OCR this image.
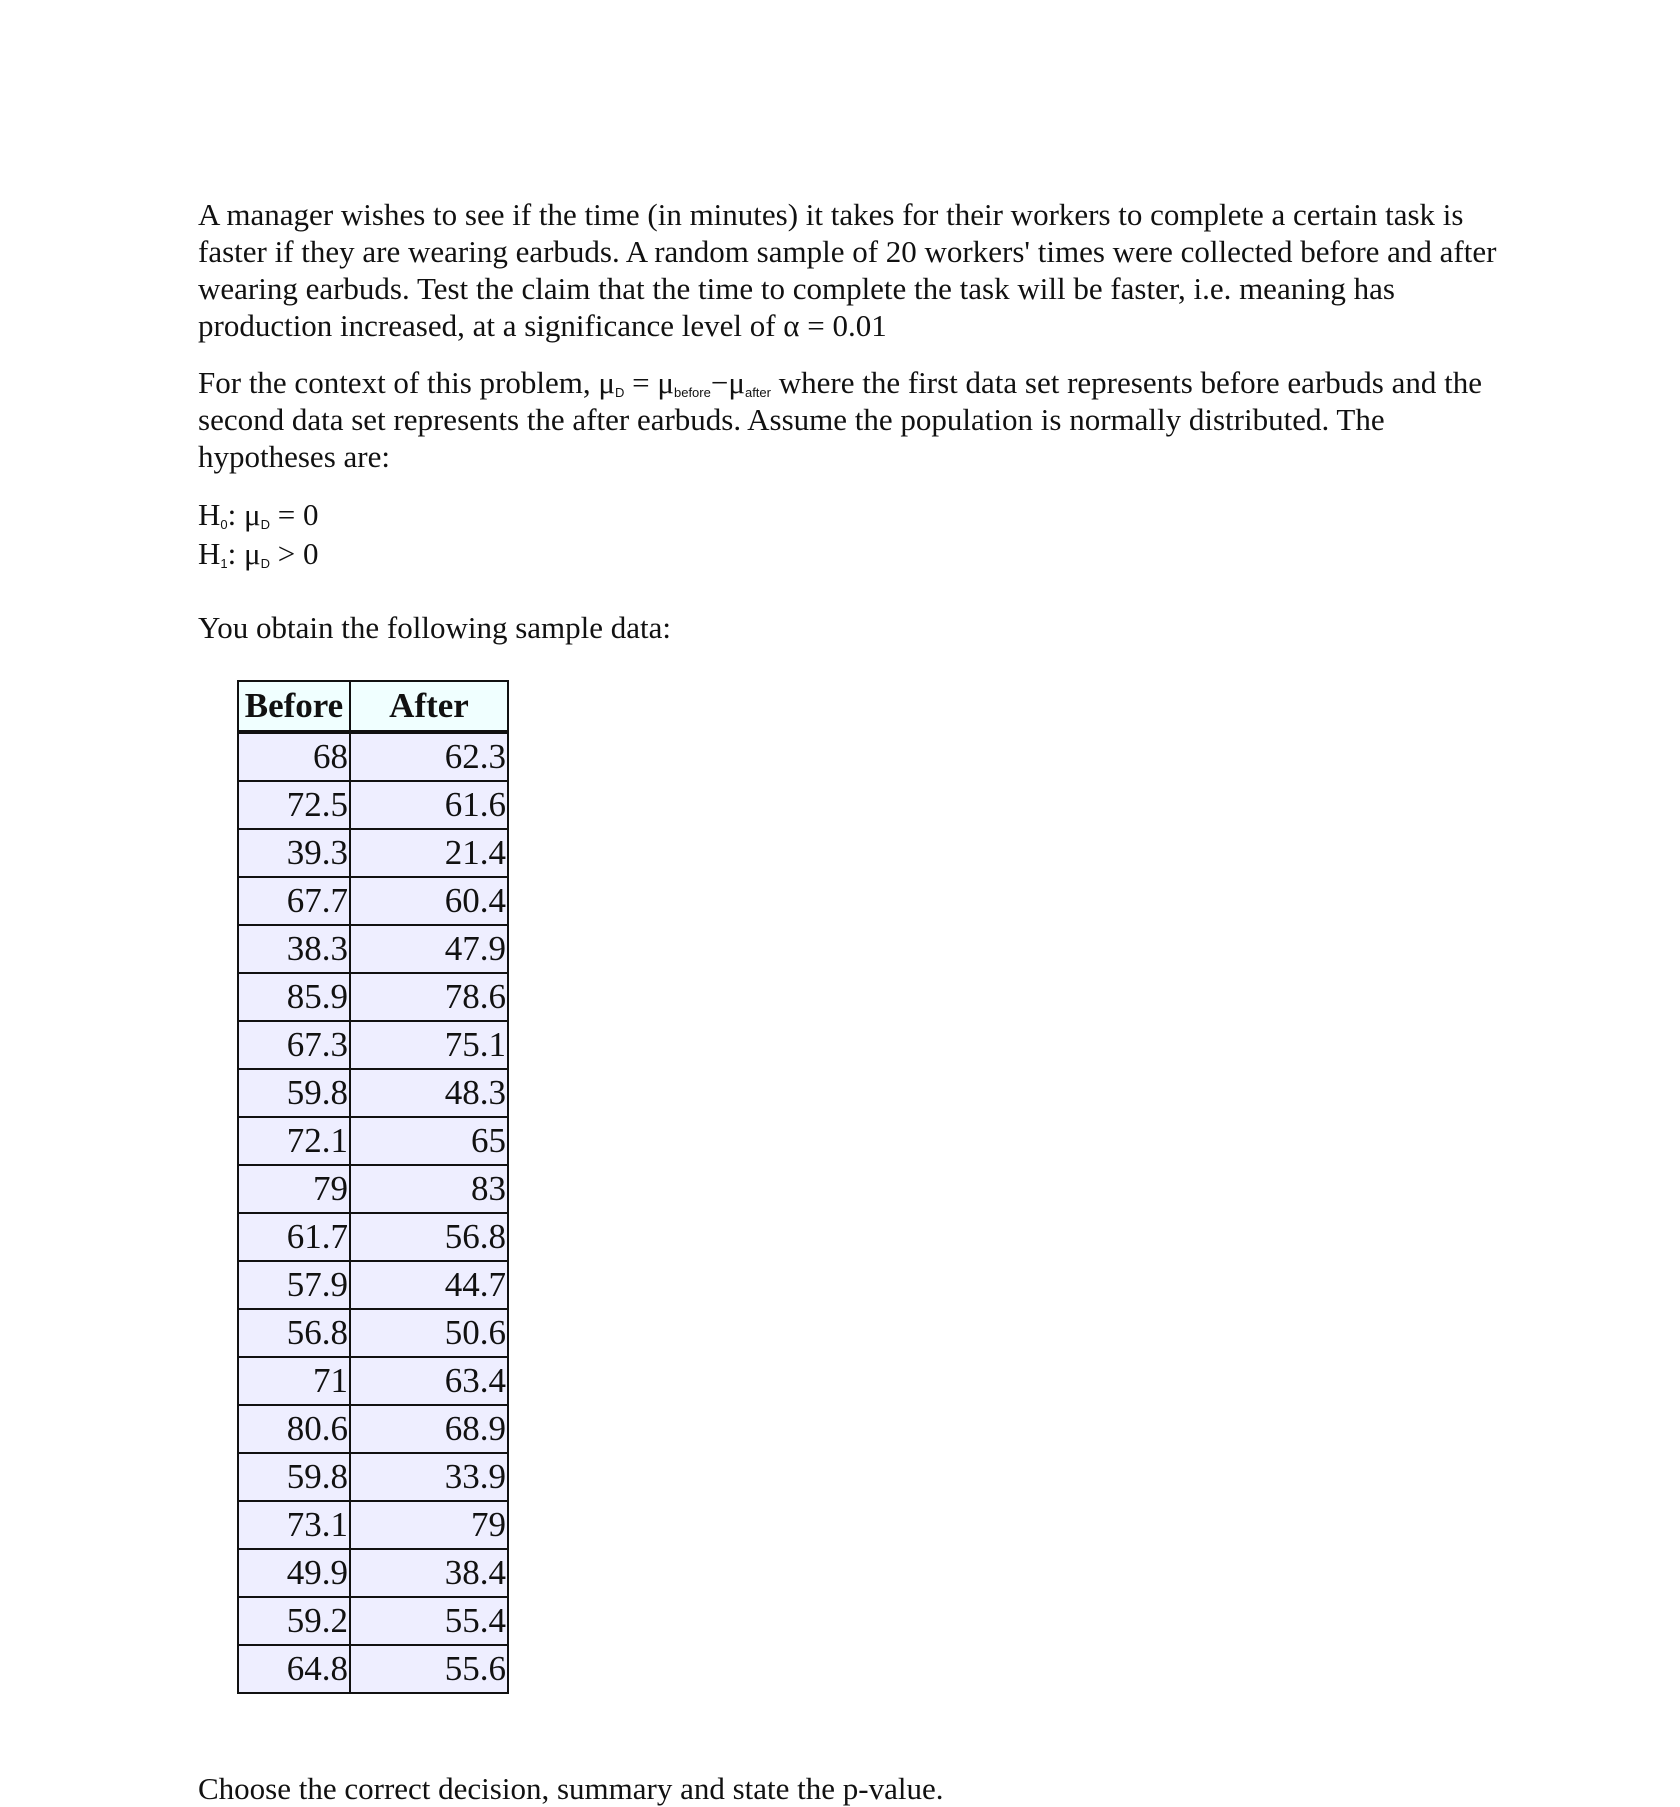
A manager wishes to see if the time (in minutes) it takes for their workers to complete a certain task is faster if they are wearing earbuds. A random sample of 20 workers' times were collected before and after wearing earbuds. Test the claim that the time to complete the task will be faster, i.e. meaning has production increased, at a significance level of α = 0.01

For the context of this problem, $\mu_D = \mu_{before}-\mu_{after}$ where the first data set represents before earbuds and the second data set represents the after earbuds. Assume the population is normally distributed. The hypotheses are:

$H_0$: $\mu_D = 0$

$H_1$: $\mu_D > 0$

You obtain the following sample data:

Before	After
68	62.3
72.5	61.6
39.3	21.4
67.7	60.4
38.3	47.9
85.9	78.6
67.3	75.1
59.8	48.3
72.1	65
79	83
61.7	56.8
57.9	44.7
56.8	50.6
71	63.4
80.6	68.9
59.8	33.9
73.1	79
49.9	38.4
59.2	55.4
64.8	55.6

Choose the correct decision, summary and state the p-value.
